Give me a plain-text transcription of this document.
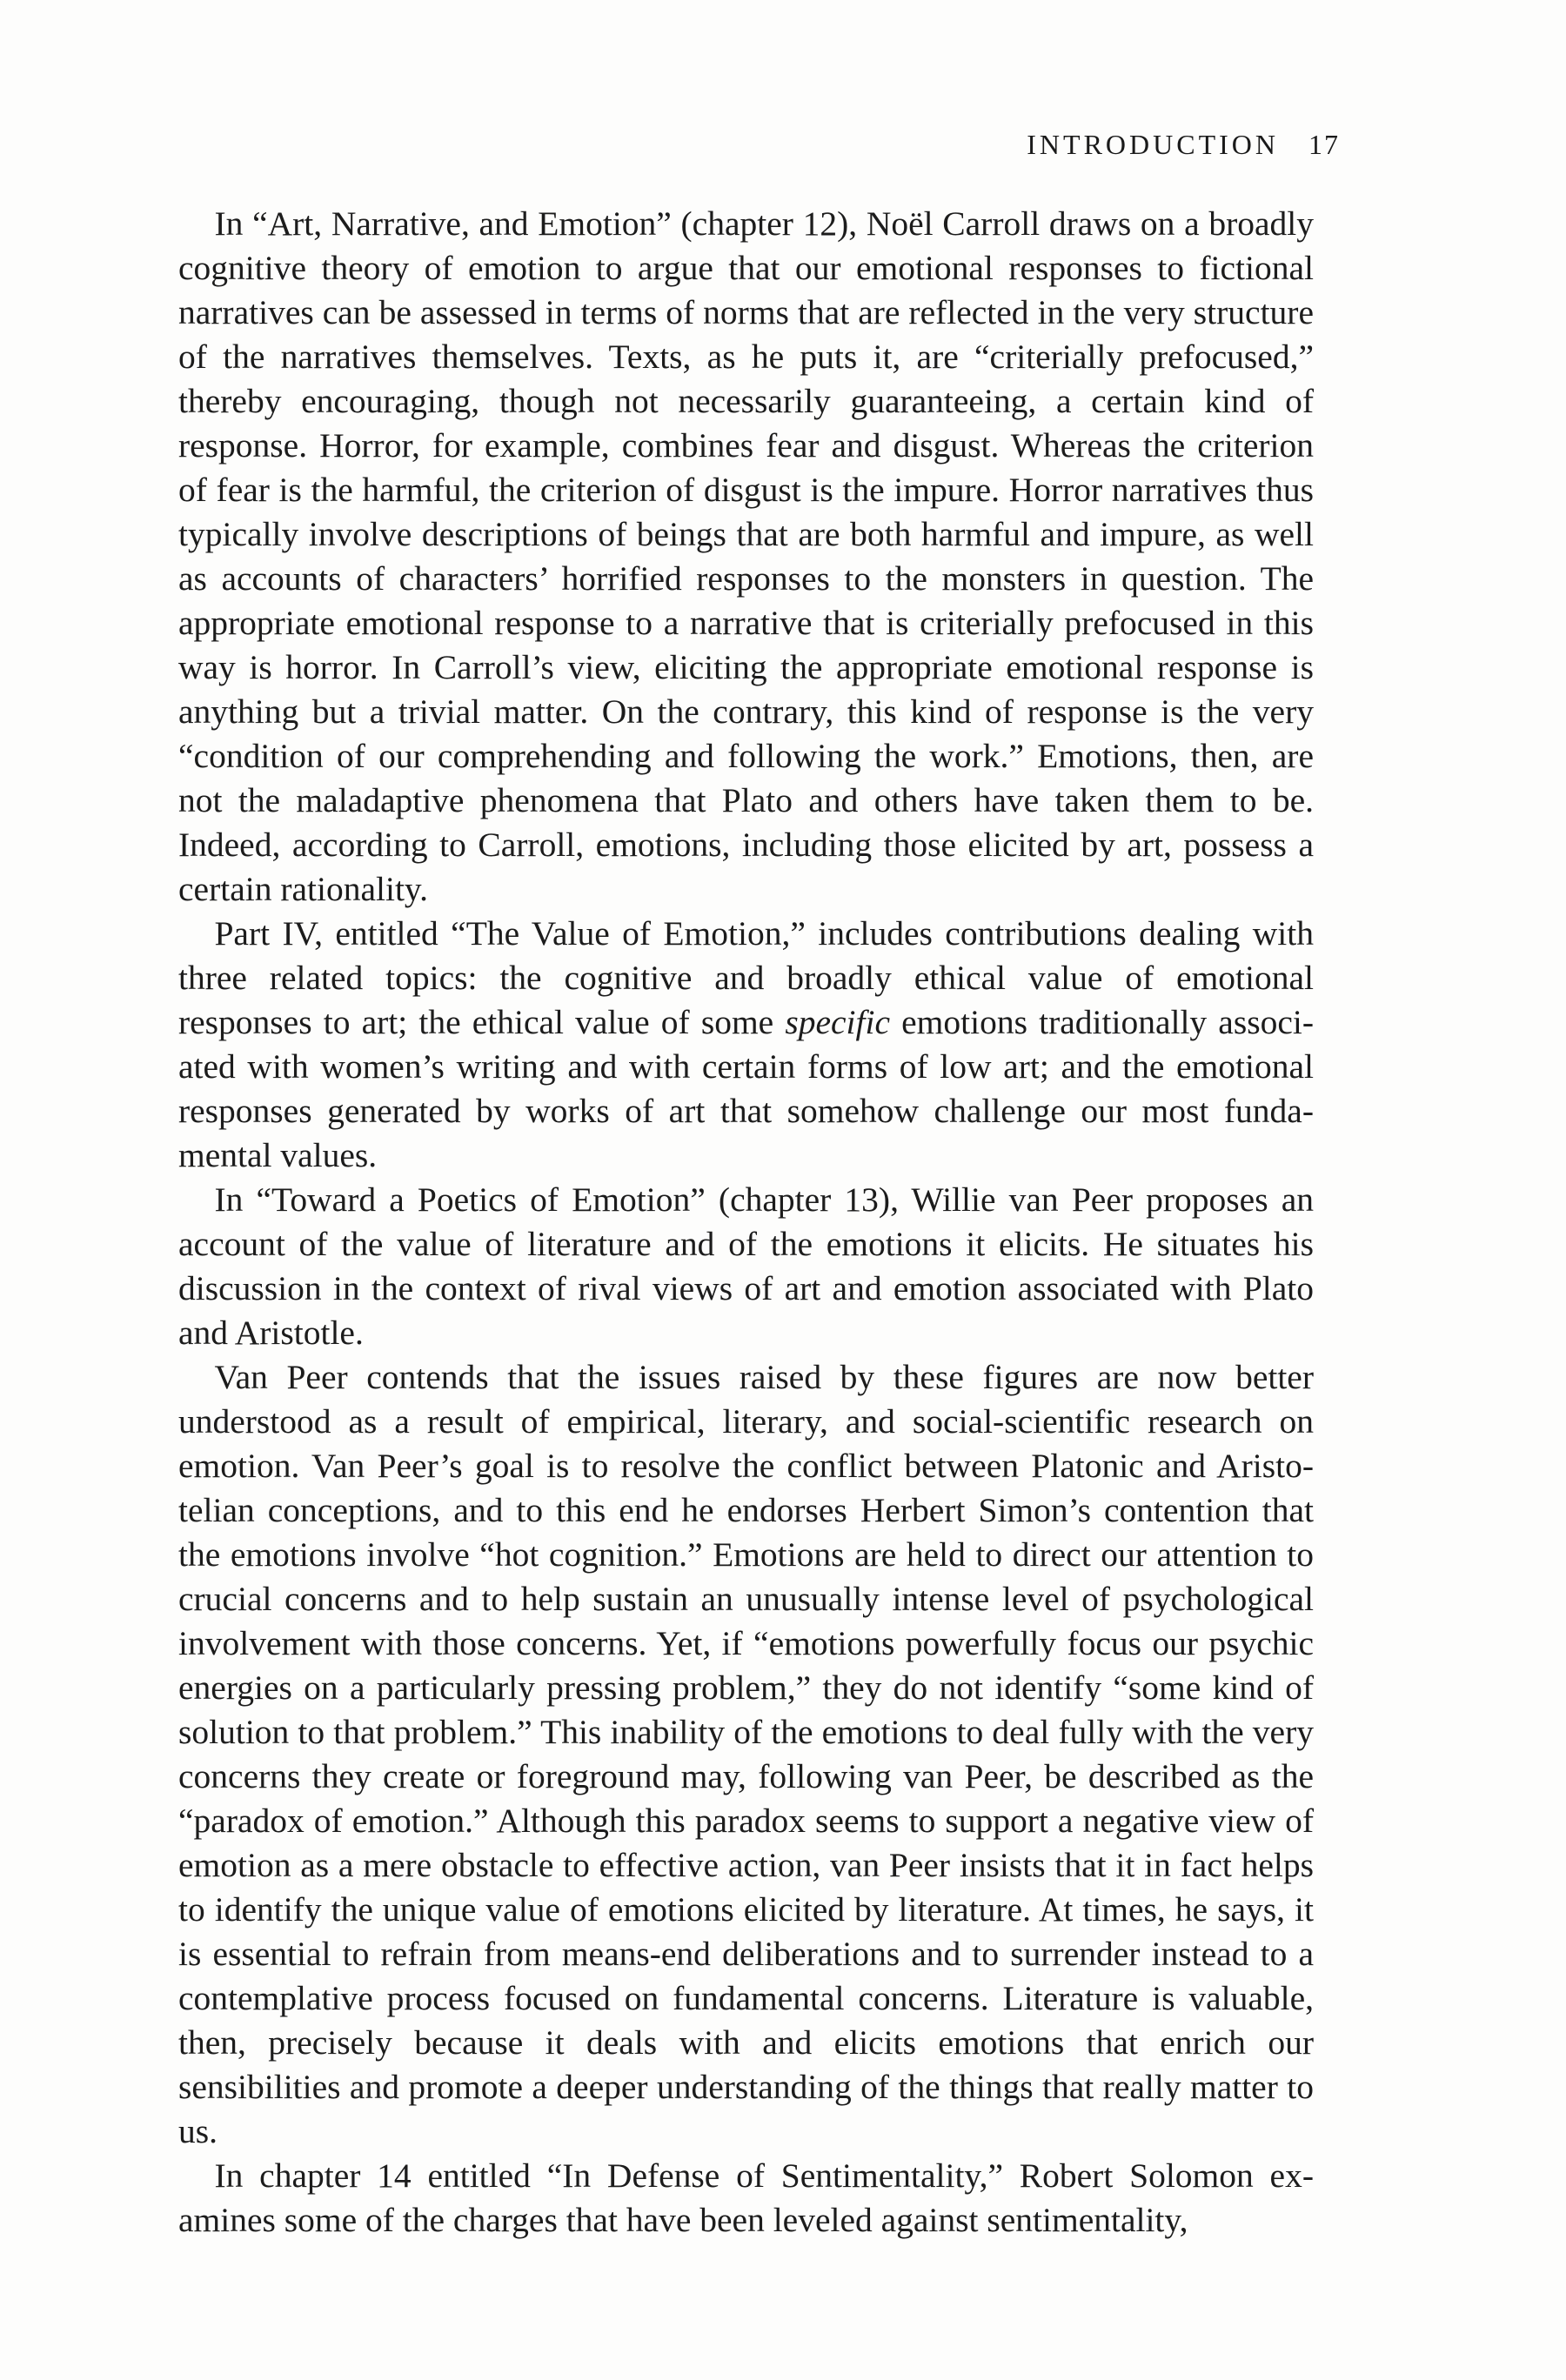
INTRODUCTION 17

In “Art, Narrative, and Emotion” (chapter 12), Noël Carroll draws on a broadly cognitive theory of emotion to argue that our emotional responses to fictional narratives can be assessed in terms of norms that are reflected in the very structure of the narratives themselves. Texts, as he puts it, are “criterially prefocused,” thereby encouraging, though not necessarily guaranteeing, a certain kind of response. Horror, for example, combines fear and disgust. Whereas the criterion of fear is the harmful, the criterion of disgust is the impure. Horror narratives thus typically involve descriptions of beings that are both harmful and impure, as well as accounts of characters’ horrified responses to the monsters in question. The appropriate emotional response to a narrative that is criterially prefocused in this way is horror. In Carroll’s view, eliciting the appropriate emotional response is anything but a trivial matter. On the contrary, this kind of response is the very “condition of our comprehending and following the work.” Emotions, then, are not the maladaptive phenomena that Plato and others have taken them to be. Indeed, according to Carroll, emotions, including those elicited by art, possess a certain rationality.

Part IV, entitled “The Value of Emotion,” includes contributions dealing with three related topics: the cognitive and broadly ethical value of emotional responses to art; the ethical value of some specific emotions traditionally associated with women’s writing and with certain forms of low art; and the emotional responses generated by works of art that somehow challenge our most fundamental values.

In “Toward a Poetics of Emotion” (chapter 13), Willie van Peer proposes an account of the value of literature and of the emotions it elicits. He situates his discussion in the context of rival views of art and emotion associated with Plato and Aristotle.

Van Peer contends that the issues raised by these figures are now better understood as a result of empirical, literary, and social-scientific research on emotion. Van Peer’s goal is to resolve the conflict between Platonic and Aristotelian conceptions, and to this end he endorses Herbert Simon’s contention that the emotions involve “hot cognition.” Emotions are held to direct our attention to crucial concerns and to help sustain an unusually intense level of psychological involvement with those concerns. Yet, if “emotions powerfully focus our psychic energies on a particularly pressing problem,” they do not identify “some kind of solution to that problem.” This inability of the emotions to deal fully with the very concerns they create or foreground may, following van Peer, be described as the “paradox of emotion.” Although this paradox seems to support a negative view of emotion as a mere obstacle to effective action, van Peer insists that it in fact helps to identify the unique value of emotions elicited by literature. At times, he says, it is essential to refrain from means-end deliberations and to surrender instead to a contemplative process focused on fundamental concerns. Literature is valuable, then, precisely because it deals with and elicits emotions that enrich our sensibilities and promote a deeper understanding of the things that really matter to us.

In chapter 14 entitled “In Defense of Sentimentality,” Robert Solomon examines some of the charges that have been leveled against sentimentality,
